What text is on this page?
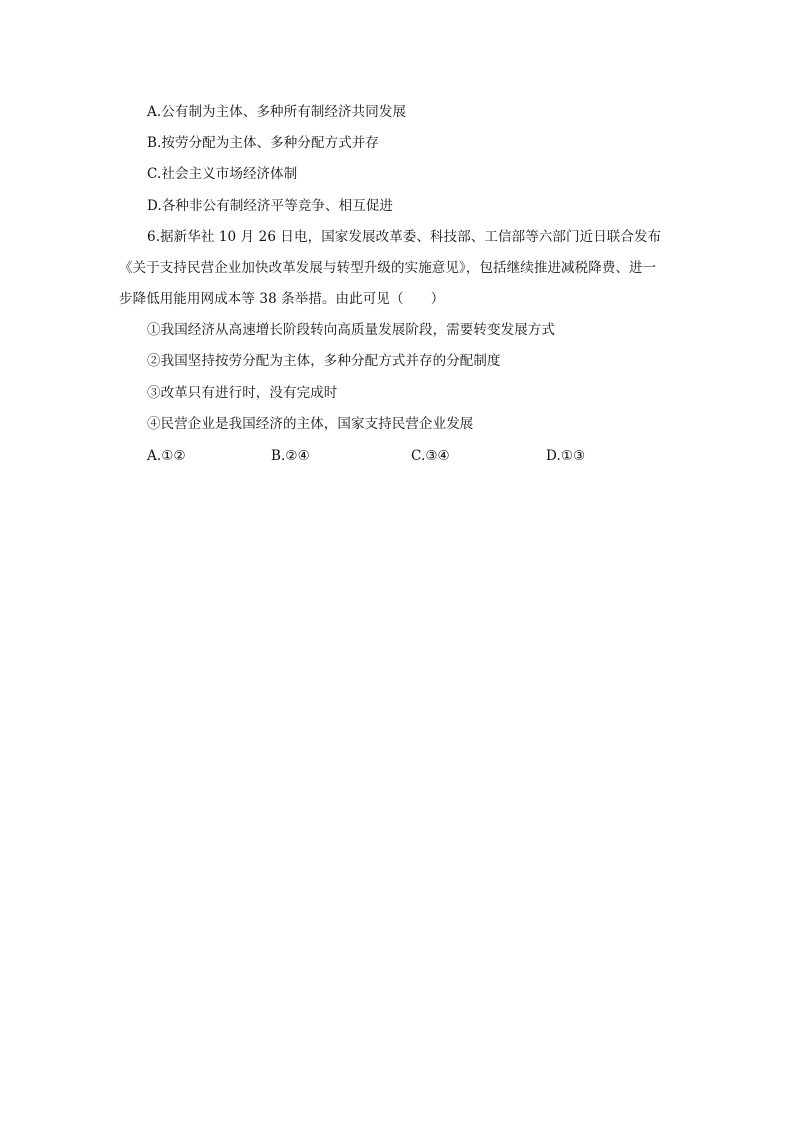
A.公有制为主体、多种所有制经济共同发展
B.按劳分配为主体、多种分配方式并存
C.社会主义市场经济体制
D.各种非公有制经济平等竞争、相互促进
6.据新华社 10 月 26 日电，国家发展改革委、科技部、工信部等六部门近日联合发布
《关于支持民营企业加快改革发展与转型升级的实施意见》，包括继续推进减税降费、进一
步降低用能用网成本等 38 条举措。由此可见（　　）
①我国经济从高速增长阶段转向高质量发展阶段，需要转变发展方式
②我国坚持按劳分配为主体，多种分配方式并存的分配制度
③改革只有进行时，没有完成时
④民营企业是我国经济的主体，国家支持民营企业发展
A.①②	B.②④	C.③④	D.①③
